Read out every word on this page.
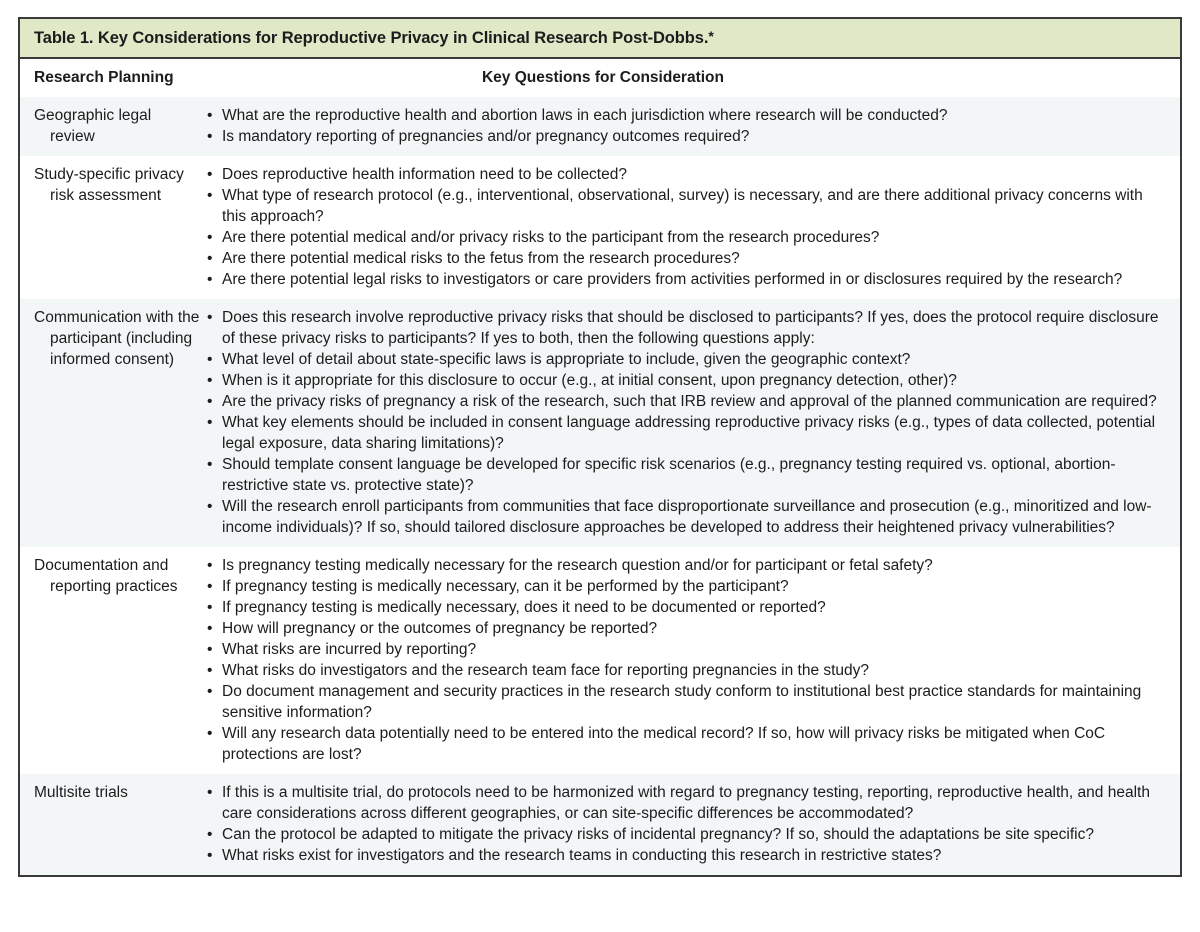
Table 1. Key Considerations for Reproductive Privacy in Clinical Research Post-Dobbs.*
Research Planning	Key Questions for Consideration
Geographic legal review
• What are the reproductive health and abortion laws in each jurisdiction where research will be conducted?
• Is mandatory reporting of pregnancies and/or pregnancy outcomes required?
Study-specific privacy risk assessment
• Does reproductive health information need to be collected?
• What type of research protocol (e.g., interventional, observational, survey) is necessary, and are there additional privacy concerns with this approach?
• Are there potential medical and/or privacy risks to the participant from the research procedures?
• Are there potential medical risks to the fetus from the research procedures?
• Are there potential legal risks to investigators or care providers from activities performed in or disclosures required by the research?
Communication with the participant (including informed consent)
• Does this research involve reproductive privacy risks that should be disclosed to participants? If yes, does the protocol require disclosure of these privacy risks to participants? If yes to both, then the following questions apply:
• What level of detail about state-specific laws is appropriate to include, given the geographic context?
• When is it appropriate for this disclosure to occur (e.g., at initial consent, upon pregnancy detection, other)?
• Are the privacy risks of pregnancy a risk of the research, such that IRB review and approval of the planned communication are required?
• What key elements should be included in consent language addressing reproductive privacy risks (e.g., types of data collected, potential legal exposure, data sharing limitations)?
• Should template consent language be developed for specific risk scenarios (e.g., pregnancy testing required vs. optional, abortion-restrictive state vs. protective state)?
• Will the research enroll participants from communities that face disproportionate surveillance and prosecution (e.g., minoritized and low-income individuals)? If so, should tailored disclosure approaches be developed to address their heightened privacy vulnerabilities?
Documentation and reporting practices
• Is pregnancy testing medically necessary for the research question and/or for participant or fetal safety?
• If pregnancy testing is medically necessary, can it be performed by the participant?
• If pregnancy testing is medically necessary, does it need to be documented or reported?
• How will pregnancy or the outcomes of pregnancy be reported?
• What risks are incurred by reporting?
• What risks do investigators and the research team face for reporting pregnancies in the study?
• Do document management and security practices in the research study conform to institutional best practice standards for maintaining sensitive information?
• Will any research data potentially need to be entered into the medical record? If so, how will privacy risks be mitigated when CoC protections are lost?
Multisite trials	• If this is a multisite trial, do protocols need to be harmonized with regard to pregnancy testing, reporting, reproductive health, and health care considerations across different geographies, or can site-specific differences be accommodated?
• Can the protocol be adapted to mitigate the privacy risks of incidental pregnancy? If so, should the adaptations be site specific?
• What risks exist for investigators and the research teams in conducting this research in restrictive states?
